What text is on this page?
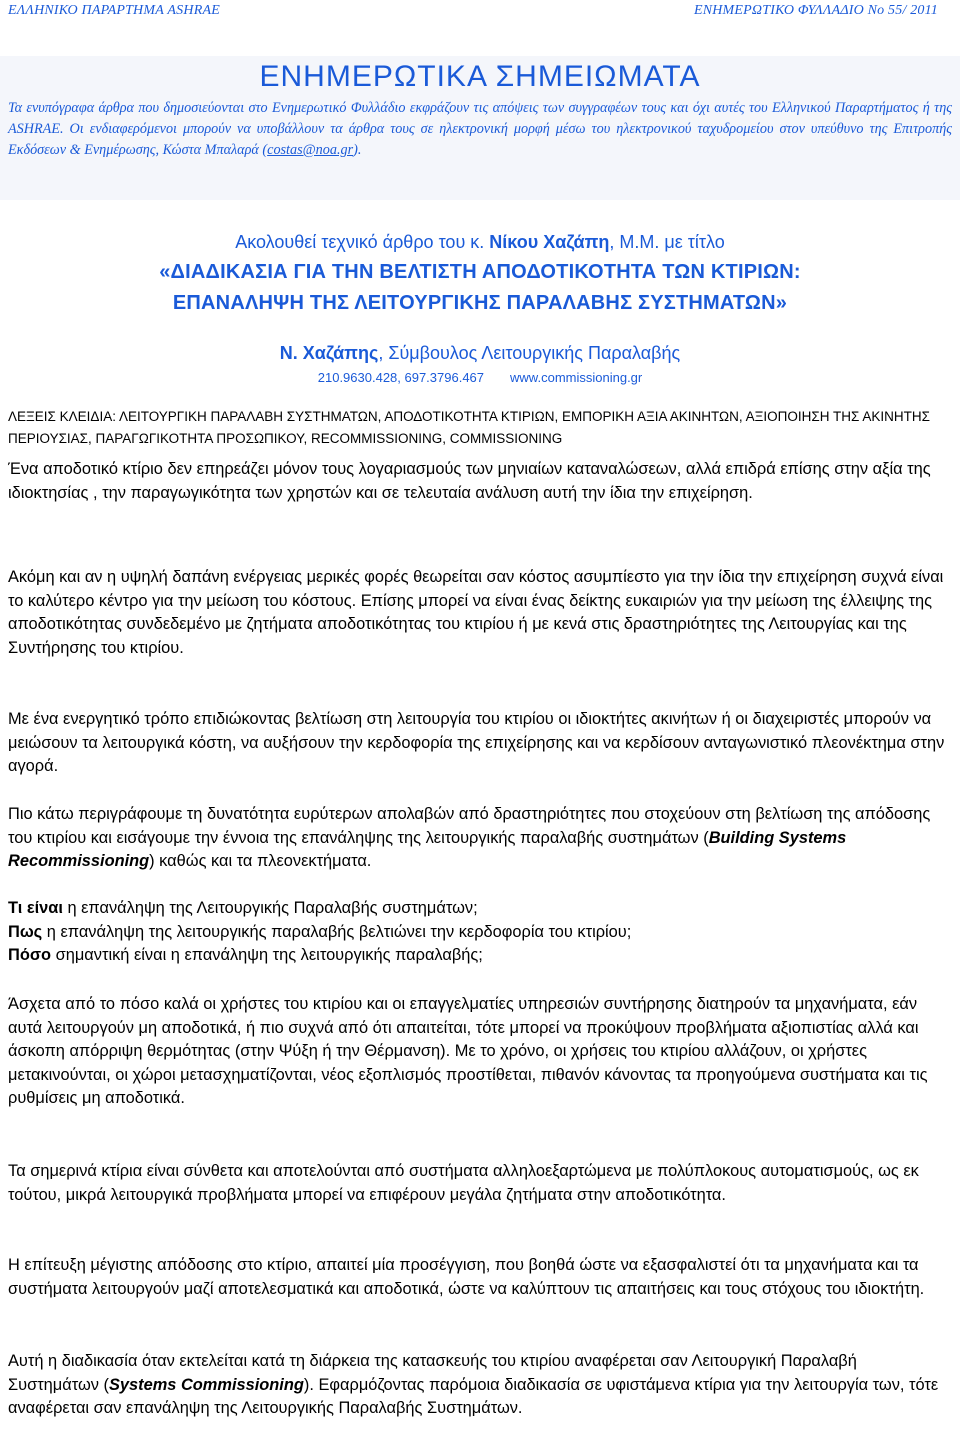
ΕΛΛΗΝΙΚΟ ΠΑΡΑΡΤΗΜΑ ASHRAE	ΕΝΗΜΕΡΩΤΙΚΟ ΦΥΛΛΑΔΙΟ Νο 55/ 2011
ΕΝΗΜΕΡΩΤΙΚΑ ΣΗΜΕΙΩΜΑΤΑ
Τα ενυπόγραφα άρθρα που δημοσιεύονται στο Ενημερωτικό Φυλλάδιο εκφράζουν τις απόψεις των συγγραφέων τους και όχι αυτές του Ελληνικού Παραρτήματος ή της ASHRAE. Οι ενδιαφερόμενοι μπορούν να υποβάλλουν τα άρθρα τους σε ηλεκτρονική μορφή μέσω του ηλεκτρονικού ταχυδρομείου στον υπεύθυνο της Επιτροπής Εκδόσεων & Ενημέρωσης, Κώστα Μπαλαρά (costas@noa.gr).
Ακολουθεί τεχνικό άρθρο του κ. Νίκου Χαζάπη, Μ.Μ. με τίτλο
«ΔΙΑΔΙΚΑΣΙΑ ΓΙΑ ΤΗΝ ΒΕΛΤΙΣΤΗ ΑΠΟΔΟΤΙΚΟΤΗΤΑ ΤΩΝ ΚΤΙΡΙΩΝ:
ΕΠΑΝΑΛΗΨΗ ΤΗΣ ΛΕΙΤΟΥΡΓΙΚΗΣ ΠΑΡΑΛΑΒΗΣ ΣΥΣΤΗΜΑΤΩΝ»
Ν. Χαζάπης, Σύμβουλος Λειτουργικής Παραλαβής
210.9630.428, 697.3796.467 www.commissioning.gr
ΛΕΞΕΙΣ ΚΛΕΙΔΙΑ: ΛΕΙΤΟΥΡΓΙΚΗ ΠΑΡΑΛΑΒΗ ΣΥΣΤΗΜΑΤΩΝ, ΑΠΟΔΟΤΙΚΟΤΗΤΑ ΚΤΙΡΙΩΝ, ΕΜΠΟΡΙΚΗ ΑΞΙΑ ΑΚΙΝΗΤΩΝ, ΑΞΙΟΠΟΙΗΣΗ ΤΗΣ ΑΚΙΝΗΤΗΣ ΠΕΡΙΟΥΣΙΑΣ, ΠΑΡΑΓΩΓΙΚΟΤΗΤΑ ΠΡΟΣΩΠΙΚΟΥ, RECOMMISSIONING, COMMISSIONING

Ένα αποδοτικό κτίριο δεν επηρεάζει μόνον τους λογαριασμούς των μηνιαίων καταναλώσεων, αλλά επιδρά επίσης στην αξία της ιδιοκτησίας , την παραγωγικότητα των χρηστών και σε τελευταία ανάλυση αυτή την ίδια την επιχείρηση.

Ακόμη και αν η υψηλή δαπάνη ενέργειας μερικές φορές θεωρείται σαν κόστος ασυμπίεστο για την ίδια την επιχείρηση συχνά είναι το καλύτερο κέντρο για την μείωση του κόστους. Επίσης μπορεί να είναι ένας δείκτης ευκαιριών για την μείωση της έλλειψης της αποδοτικότητας συνδεδεμένο με ζητήματα αποδοτικότητας του κτιρίου ή με κενά στις δραστηριότητες της Λειτουργίας και της Συντήρησης του κτιρίου.

Με ένα ενεργητικό τρόπο επιδιώκοντας βελτίωση στη λειτουργία του κτιρίου οι ιδιοκτήτες ακινήτων ή οι διαχειριστές μπορούν να μειώσουν τα λειτουργικά κόστη, να αυξήσουν την κερδοφορία της επιχείρησης και να κερδίσουν ανταγωνιστικό πλεονέκτημα στην αγορά.

Πιο κάτω περιγράφουμε τη δυνατότητα ευρύτερων απολαβών από δραστηριότητες που στοχεύουν στη βελτίωση της απόδοσης του κτιρίου και εισάγουμε την έννοια της επανάληψης της λειτουργικής παραλαβής συστημάτων (Building Systems Recommissioning) καθώς και τα πλεονεκτήματα.

Τι είναι η επανάληψη της Λειτουργικής Παραλαβής συστημάτων;
Πως η επανάληψη της λειτουργικής παραλαβής βελτιώνει την κερδοφορία του κτιρίου;
Πόσο σημαντική είναι η επανάληψη της λειτουργικής παραλαβής;

Άσχετα από το πόσο καλά οι χρήστες του κτιρίου και οι επαγγελματίες υπηρεσιών συντήρησης διατηρούν τα μηχανήματα, εάν αυτά λειτουργούν μη αποδοτικά, ή πιο συχνά από ότι απαιτείται, τότε μπορεί να προκύψουν προβλήματα αξιοπιστίας αλλά και άσκοπη απόρριψη θερμότητας (στην Ψύξη ή την Θέρμανση). Με το χρόνο, οι χρήσεις του κτιρίου αλλάζουν, οι χρήστες μετακινούνται, οι χώροι μετασχηματίζονται, νέος εξοπλισμός προστίθεται, πιθανόν κάνοντας τα προηγούμενα συστήματα και τις ρυθμίσεις μη αποδοτικά.

Τα σημερινά κτίρια είναι σύνθετα και αποτελούνται από συστήματα αλληλοεξαρτώμενα με πολύπλοκους αυτοματισμούς, ως εκ τούτου, μικρά λειτουργικά προβλήματα μπορεί να επιφέρουν μεγάλα ζητήματα στην αποδοτικότητα.

Η επίτευξη μέγιστης απόδοσης στο κτίριο, απαιτεί μία προσέγγιση, που βοηθά ώστε να εξασφαλιστεί ότι τα μηχανήματα και τα συστήματα λειτουργούν μαζί αποτελεσματικά και αποδοτικά, ώστε να καλύπτουν τις απαιτήσεις και τους στόχους του ιδιοκτήτη.

Αυτή η διαδικασία όταν εκτελείται κατά τη διάρκεια της κατασκευής του κτιρίου αναφέρεται σαν Λειτουργική Παραλαβή Συστημάτων (Systems Commissioning). Εφαρμόζοντας παρόμοια διαδικασία σε υφιστάμενα κτίρια για την λειτουργία των, τότε αναφέρεται σαν επανάληψη της Λειτουργικής Παραλαβής Συστημάτων.
